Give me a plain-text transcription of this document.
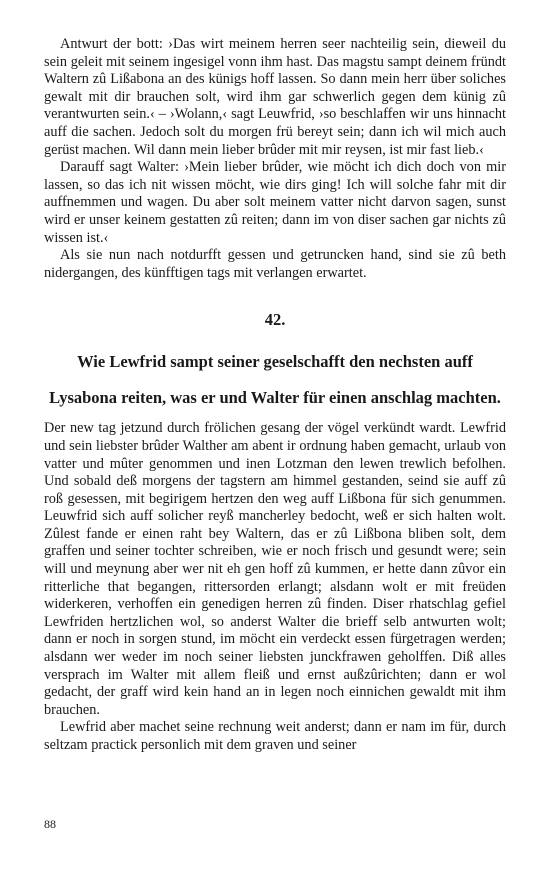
Antwurt der bott: ›Das wirt meinem herren seer nachteilig sein, dieweil du sein geleit mit seinem ingesigel vonn ihm hast. Das magstu sampt deinem fründt Waltern zû Lißabona an des künigs hoff lassen. So dann mein herr über soliches gewalt mit dir brauchen solt, wird ihm gar schwerlich gegen dem künig zû verantwurten sein.‹ – ›Wolann,‹ sagt Leuwfrid, ›so beschlaffen wir uns hinnacht auff die sachen. Jedoch solt du morgen frü bereyt sein; dann ich wil mich auch gerüst machen. Wil dann mein lieber brûder mit mir reysen, ist mir fast lieb.‹

Darauff sagt Walter: ›Mein lieber brûder, wie möcht ich dich doch von mir lassen, so das ich nit wissen möcht, wie dirs ging! Ich will solche fahr mit dir auffnemmen und wagen. Du aber solt meinem vatter nicht darvon sagen, sunst wird er unser keinem gestatten zû reiten; dann im von diser sachen gar nichts zû wissen ist.‹

Als sie nun nach notdurfft gessen und getruncken hand, sind sie zû beth nidergangen, des künfftigen tags mit verlangen erwartet.

42.
Wie Lewfrid sampt seiner geselschafft den nechsten auff Lysabona reiten, was er und Walter für einen anschlag machten.

Der new tag jetzund durch frölichen gesang der vögel verkündt wardt. Lewfrid und sein liebster brûder Walther am abent ir ordnung haben gemacht, urlaub von vatter und mûter genommen und inen Lotzman den lewen trewlich befolhen. Und sobald deß morgens der tagstern am himmel gestanden, seind sie auff zû roß gesessen, mit begirigem hertzen den weg auff Lißbona für sich genummen. Leuwfrid sich auff solicher reyß mancherley bedocht, weß er sich halten wolt. Zûlest fande er einen raht bey Waltern, das er zû Lißbona bliben solt, dem graffen und seiner tochter schreiben, wie er noch frisch und gesundt were; sein will und meynung aber wer nit eh gen hoff zû kummen, er hette dann zûvor ein ritterliche that begangen, rittersorden erlangt; alsdann wolt er mit freüden widerkeren, verhoffen ein genedigen herren zû finden. Diser rhatschlag gefiel Lewfriden hertzlichen wol, so anderst Walter die brieff selb antwurten wolt; dann er noch in sorgen stund, im möcht ein verdeckt essen fürgetragen werden; alsdann wer weder im noch seiner liebsten junckfrawen geholffen. Diß alles versprach im Walter mit allem fleiß und ernst außzûrichten; dann er wol gedacht, der graff wird kein hand an in legen noch einnichen gewaldt mit ihm brauchen.

Lewfrid aber machet seine rechnung weit anderst; dann er nam im für, durch seltzam practick personlich mit dem graven und seiner

88
